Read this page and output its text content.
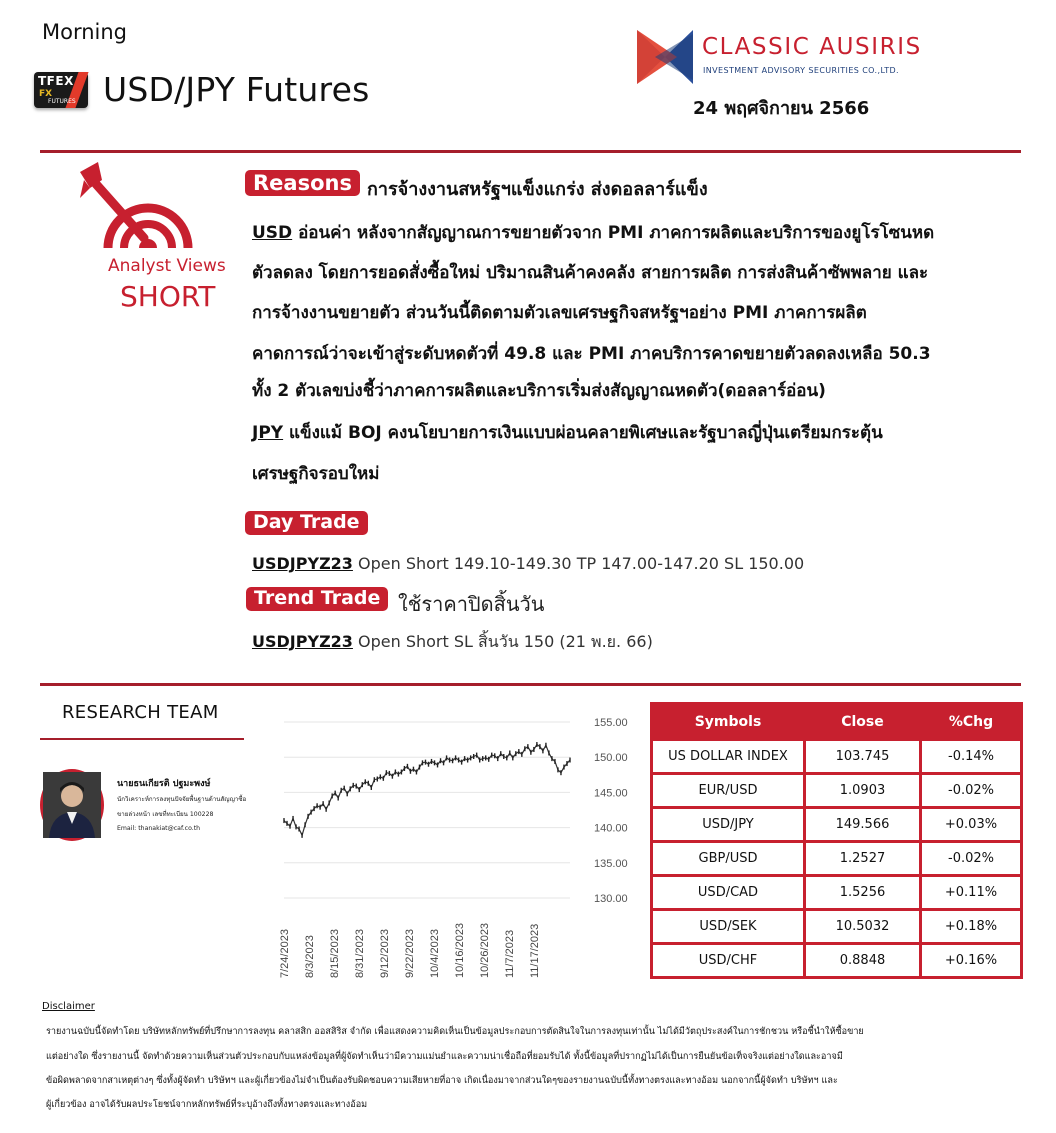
Morning
TFEX
FX
FUTURES USD/JPY Futures
CLASSIC AUSIRIS
INVESTMENT ADVISORY SECURITIES CO.,LTD.
24 พฤศจิกายน 2566
Analyst Views
SHORT
Reasons การจ้างงานสหรัฐฯแข็งแกร่ง ส่งดอลลาร์แข็ง
USD อ่อนค่า หลังจากสัญญาณการขยายตัวจาก PMI ภาคการผลิตและบริการของยูโรโซนหด
ตัวลดลง โดยการยอดสั่งซื้อใหม่ ปริมาณสินค้าคงคลัง สายการผลิต การส่งสินค้าซัพพลาย และ
การจ้างงานขยายตัว ส่วนวันนี้ติดตามตัวเลขเศรษฐกิจสหรัฐฯอย่าง PMI ภาคการผลิต
คาดการณ์ว่าจะเข้าสู่ระดับหดตัวที่ 49.8 และ PMI ภาคบริการคาดขยายตัวลดลงเหลือ 50.3
ทั้ง 2 ตัวเลขบ่งชี้ว่าภาคการผลิตและบริการเริ่มส่งสัญญาณหดตัว(ดอลลาร์อ่อน)
JPY แข็งแม้ BOJ คงนโยบายการเงินแบบผ่อนคลายพิเศษและรัฐบาลญี่ปุ่นเตรียมกระตุ้น
เศรษฐกิจรอบใหม่
Day Trade
USDJPYZ23 Open Short 149.10-149.30 TP 147.00-147.20 SL 150.00
Trend Trade ใช้ราคาปิดสิ้นวัน
USDJPYZ23 Open Short SL สิ้นวัน 150 (21 พ.ย. 66)
RESEARCH TEAM
นายธนเกียรติ ปฐมะพงษ์
นักวิเคราะห์การลงทุนปัจจัยพื้นฐานด้านสัญญาซื้อ
ขายล่วงหน้า เลขที่ทะเบียน 100228
Email: thanakiat@caf.co.th
155.00
150.00
145.00
140.00
135.00
130.00
7/24/2023 8/3/2023 8/15/2023 8/31/2023 9/12/2023 9/22/2023 10/4/2023 10/16/2023 10/26/2023 11/7/2023 11/17/2023
Symbols	Close	%Chg
US DOLLAR INDEX	103.745	-0.14%
EUR/USD	1.0903	-0.02%
USD/JPY	149.566	+0.03%
GBP/USD	1.2527	-0.02%
USD/CAD	1.5256	+0.11%
USD/SEK	10.5032	+0.18%
USD/CHF	0.8848	+0.16%
Disclaimer
รายงานฉบับนี้จัดทำโดย บริษัทหลักทรัพย์ที่ปรึกษาการลงทุน คลาสสิก ออสสิริส จำกัด เพื่อแสดงความคิดเห็นเป็นข้อมูลประกอบการตัดสินใจในการลงทุนเท่านั้น ไม่ได้มีวัตถุประสงค์ในการชักชวน หรือชี้นำให้ซื้อขาย
แต่อย่างใด ซึ่งรายงานนี้ จัดทำด้วยความเห็นส่วนตัวประกอบกับแหล่งข้อมูลที่ผู้จัดทำเห็นว่ามีความแม่นยำและความน่าเชื่อถือที่ยอมรับได้ ทั้งนี้ข้อมูลที่ปรากฏไม่ได้เป็นการยืนยันข้อเท็จจริงแต่อย่างใดและอาจมี
ข้อผิดพลาดจากสาเหตุต่างๆ ซึ่งทั้งผู้จัดทำ บริษัทฯ และผู้เกี่ยวข้องไม่จำเป็นต้องรับผิดชอบความเสียหายที่อาจ เกิดเนื่องมาจากส่วนใดๆของรายงานฉบับนี้ทั้งทางตรงและทางอ้อม นอกจากนี้ผู้จัดทำ บริษัทฯ และ
ผู้เกี่ยวข้อง อาจได้รับผลประโยชน์จากหลักทรัพย์ที่ระบุอ้างถึงทั้งทางตรงและทางอ้อม
